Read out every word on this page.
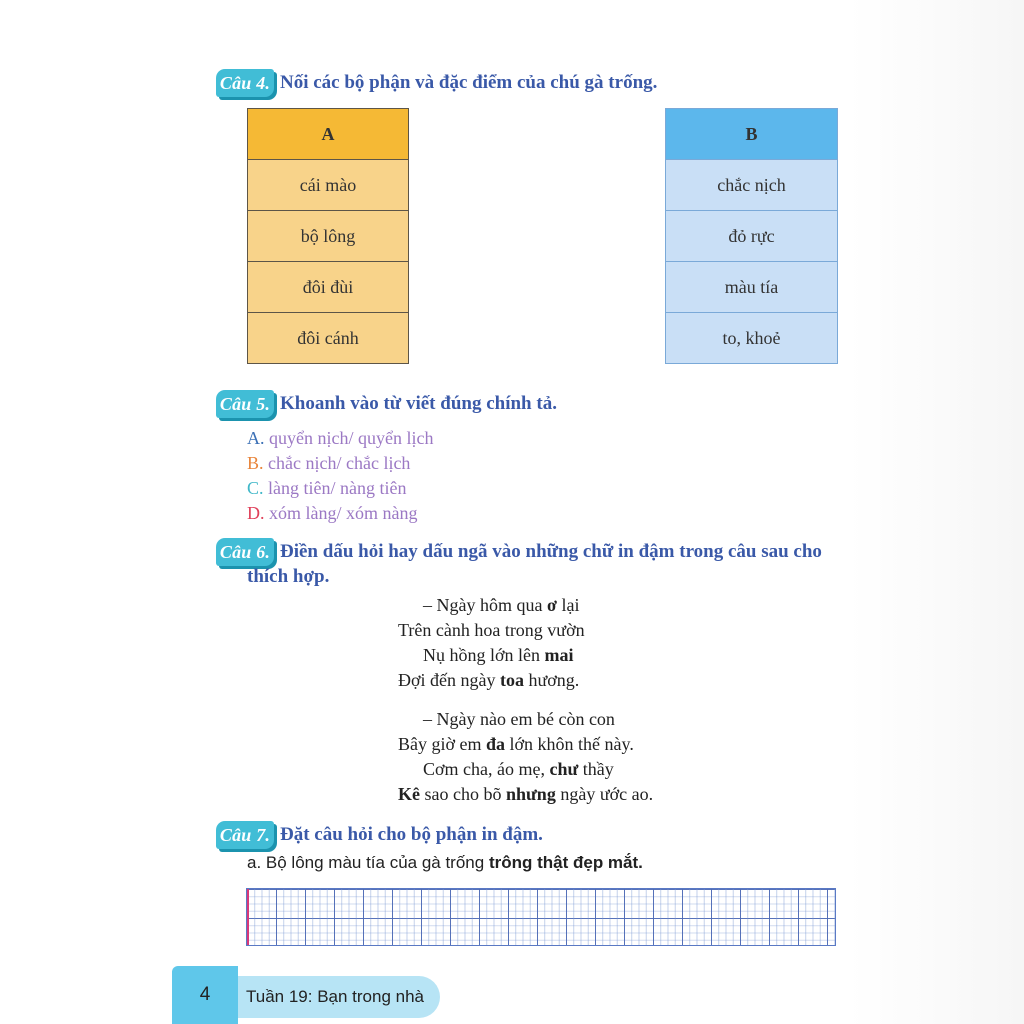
Câu 4. Nối các bộ phận và đặc điểm của chú gà trống.
A
cái mào
bộ lông
đôi đùi
đôi cánh
B
chắc nịch
đỏ rực
màu tía
to, khoẻ
Câu 5. Khoanh vào từ viết đúng chính tả.
A. quyển nịch/ quyển lịch
B. chắc nịch/ chắc lịch
C. làng tiên/ nàng tiên
D. xóm làng/ xóm nàng
Câu 6. Điền dấu hỏi hay dấu ngã vào những chữ in đậm trong câu sau cho
thích hợp.
– Ngày hôm qua ơ lại
Trên cành hoa trong vườn
Nụ hồng lớn lên mai
Đợi đến ngày toa hương.
– Ngày nào em bé còn con
Bây giờ em đa lớn khôn thế này.
Cơm cha, áo mẹ, chư thầy
Kê sao cho bõ nhưng ngày ước ao.
Câu 7. Đặt câu hỏi cho bộ phận in đậm.
a. Bộ lông màu tía của gà trống trông thật đẹp mắt.
Tuần 19: Bạn trong nhà
4
